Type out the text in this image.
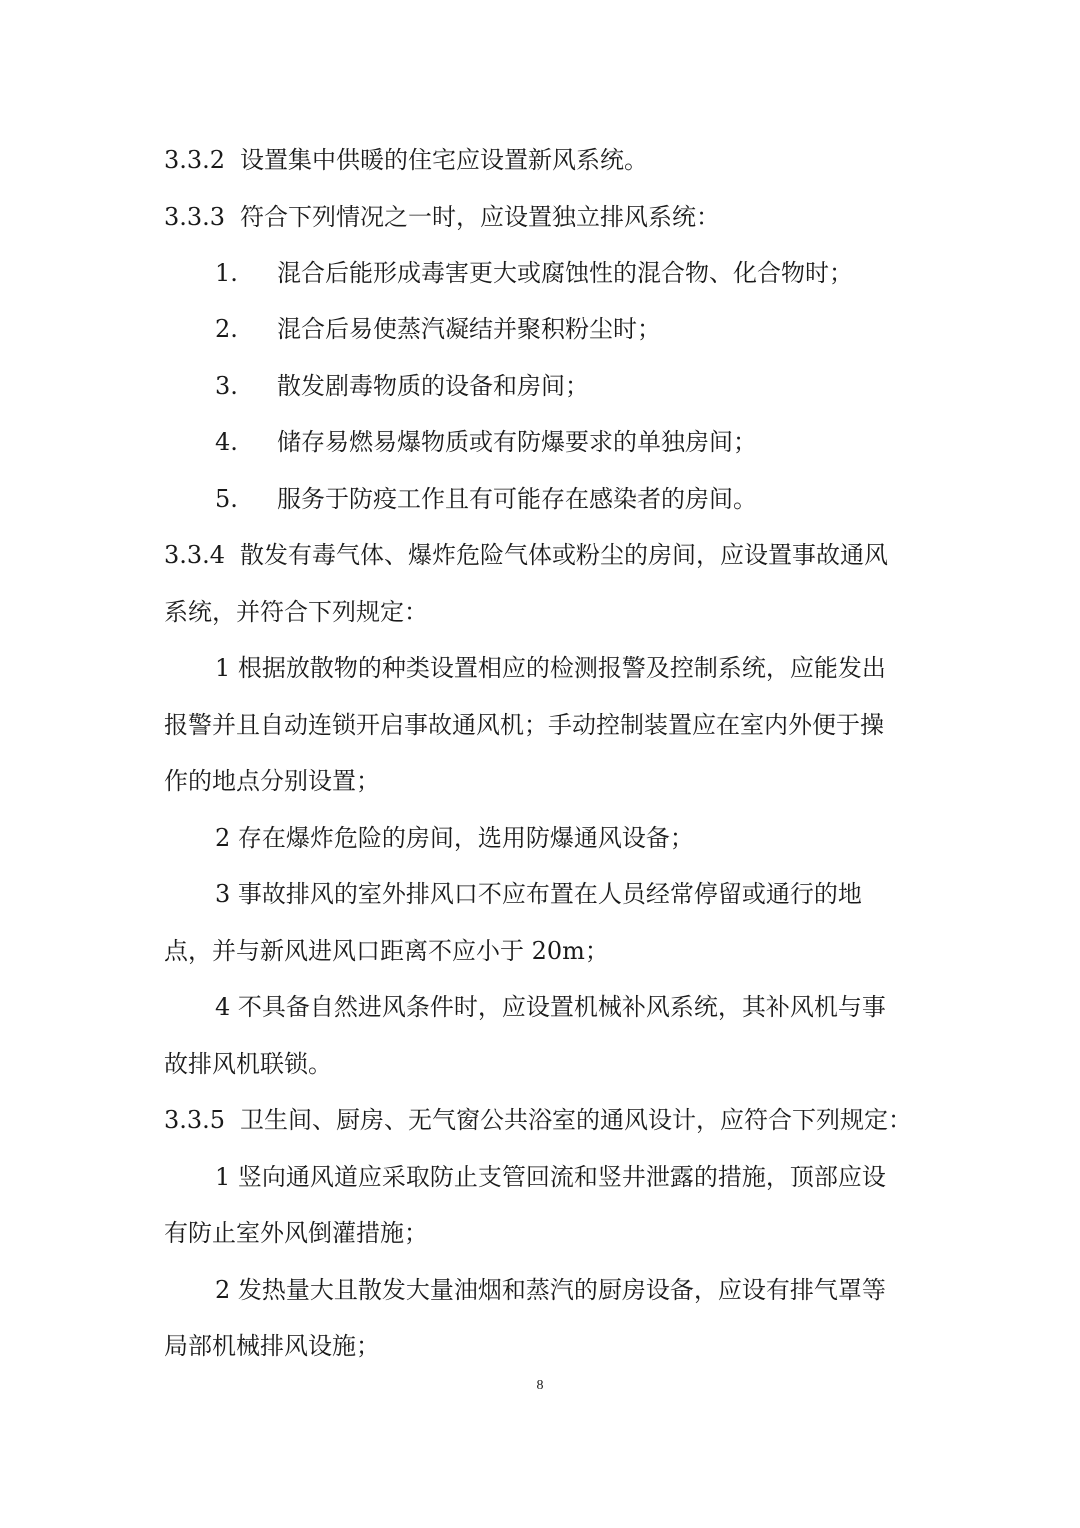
3.3.2 设置集中供暖的住宅应设置新风系统。
3.3.3 符合下列情况之一时，应设置独立排风系统：
1. 混合后能形成毒害更大或腐蚀性的混合物、化合物时；
2. 混合后易使蒸汽凝结并聚积粉尘时；
3. 散发剧毒物质的设备和房间；
4. 储存易燃易爆物质或有防爆要求的单独房间；
5. 服务于防疫工作且有可能存在感染者的房间。
3.3.4 散发有毒气体、爆炸危险气体或粉尘的房间，应设置事故通风
系统，并符合下列规定：
1 根据放散物的种类设置相应的检测报警及控制系统，应能发出
报警并且自动连锁开启事故通风机；手动控制装置应在室内外便于操
作的地点分别设置；
2 存在爆炸危险的房间，选用防爆通风设备；
3 事故排风的室外排风口不应布置在人员经常停留或通行的地
点，并与新风进风口距离不应小于 20m；
4 不具备自然进风条件时，应设置机械补风系统，其补风机与事
故排风机联锁。
3.3.5 卫生间、厨房、无气窗公共浴室的通风设计，应符合下列规定：
1 竖向通风道应采取防止支管回流和竖井泄露的措施，顶部应设
有防止室外风倒灌措施；
2 发热量大且散发大量油烟和蒸汽的厨房设备，应设有排气罩等
局部机械排风设施；
8
